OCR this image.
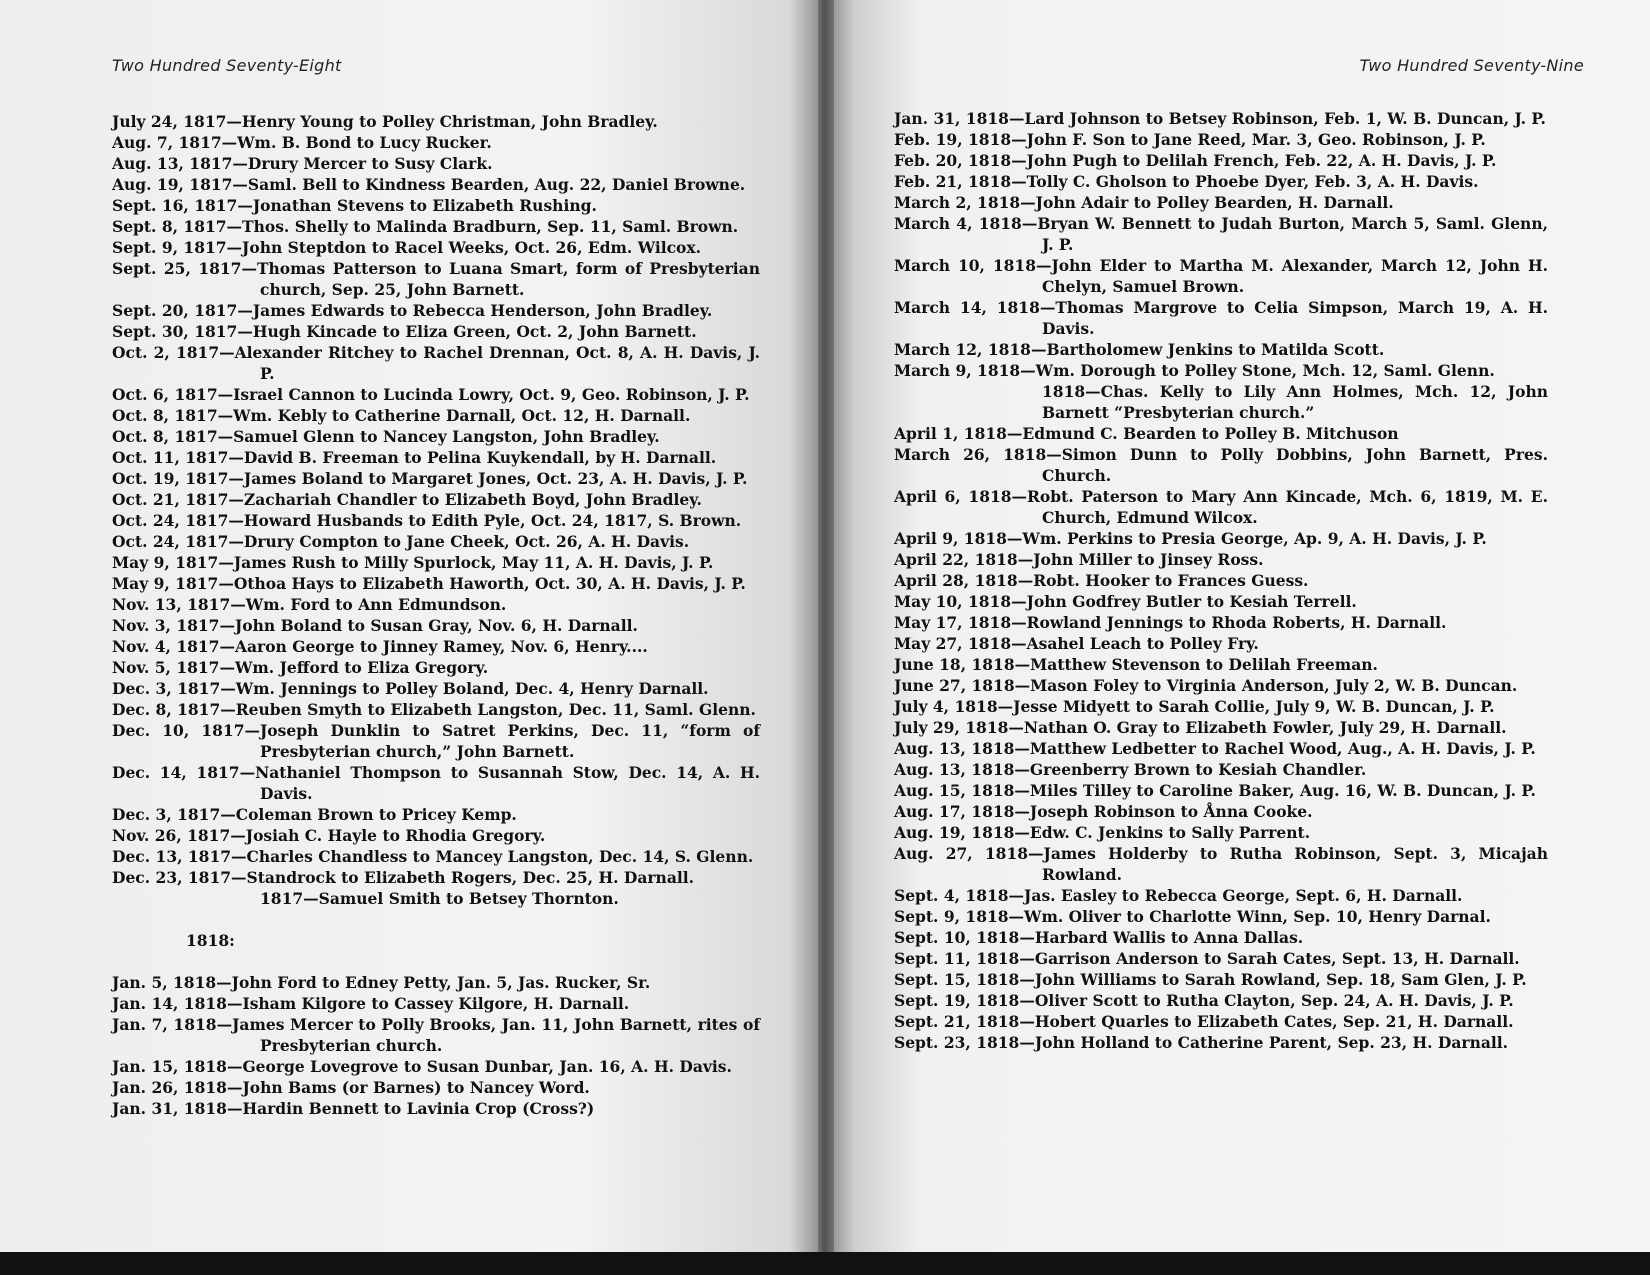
Two Hundred Seventy-Eight
July 24, 1817—Henry Young to Polley Christman, John Bradley.
Aug. 7, 1817—Wm. B. Bond to Lucy Rucker.
Aug. 13, 1817—Drury Mercer to Susy Clark.
Aug. 19, 1817—Saml. Bell to Kindness Bearden, Aug. 22, Daniel Browne.
Sept. 16, 1817—Jonathan Stevens to Elizabeth Rushing.
Sept. 8, 1817—Thos. Shelly to Malinda Bradburn, Sep. 11, Saml. Brown.
Sept. 9, 1817—John Steptdon to Racel Weeks, Oct. 26, Edm. Wilcox.
Sept. 25, 1817—Thomas Patterson to Luana Smart, form of Presbyterian church, Sep. 25, John Barnett.
Sept. 20, 1817—James Edwards to Rebecca Henderson, John Bradley.
Sept. 30, 1817—Hugh Kincade to Eliza Green, Oct. 2, John Barnett.
Oct. 2, 1817—Alexander Ritchey to Rachel Drennan, Oct. 8, A. H. Davis, J. P.
Oct. 6, 1817—Israel Cannon to Lucinda Lowry, Oct. 9, Geo. Robinson, J. P.
Oct. 8, 1817—Wm. Kebly to Catherine Darnall, Oct. 12, H. Darnall.
Oct. 8, 1817—Samuel Glenn to Nancey Langston, John Bradley.
Oct. 11, 1817—David B. Freeman to Pelina Kuykendall, by H. Darnall.
Oct. 19, 1817—James Boland to Margaret Jones, Oct. 23, A. H. Davis, J. P.
Oct. 21, 1817—Zachariah Chandler to Elizabeth Boyd, John Bradley.
Oct. 24, 1817—Howard Husbands to Edith Pyle, Oct. 24, 1817, S. Brown.
Oct. 24, 1817—Drury Compton to Jane Cheek, Oct. 26, A. H. Davis.
May 9, 1817—James Rush to Milly Spurlock, May 11, A. H. Davis, J. P.
May 9, 1817—Othoa Hays to Elizabeth Haworth, Oct. 30, A. H. Davis, J. P.
Nov. 13, 1817—Wm. Ford to Ann Edmundson.
Nov. 3, 1817—John Boland to Susan Gray, Nov. 6, H. Darnall.
Nov. 4, 1817—Aaron George to Jinney Ramey, Nov. 6, Henry....
Nov. 5, 1817—Wm. Jefford to Eliza Gregory.
Dec. 3, 1817—Wm. Jennings to Polley Boland, Dec. 4, Henry Darnall.
Dec. 8, 1817—Reuben Smyth to Elizabeth Langston, Dec. 11, Saml. Glenn.
Dec. 10, 1817—Joseph Dunklin to Satret Perkins, Dec. 11, “form of Presbyterian church,” John Barnett.
Dec. 14, 1817—Nathaniel Thompson to Susannah Stow, Dec. 14, A. H. Davis.
Dec. 3, 1817—Coleman Brown to Pricey Kemp.
Nov. 26, 1817—Josiah C. Hayle to Rhodia Gregory.
Dec. 13, 1817—Charles Chandless to Mancey Langston, Dec. 14, S. Glenn.
Dec. 23, 1817—Standrock to Elizabeth Rogers, Dec. 25, H. Darnall.
1817—Samuel Smith to Betsey Thornton.
1818:
Jan. 5, 1818—John Ford to Edney Petty, Jan. 5, Jas. Rucker, Sr.
Jan. 14, 1818—Isham Kilgore to Cassey Kilgore, H. Darnall.
Jan. 7, 1818—James Mercer to Polly Brooks, Jan. 11, John Barnett, rites of Presbyterian church.
Jan. 15, 1818—George Lovegrove to Susan Dunbar, Jan. 16, A. H. Davis.
Jan. 26, 1818—John Bams (or Barnes) to Nancey Word.
Jan. 31, 1818—Hardin Bennett to Lavinia Crop (Cross?)
Two Hundred Seventy-Nine
Jan. 31, 1818—Lard Johnson to Betsey Robinson, Feb. 1, W. B. Duncan, J. P.
Feb. 19, 1818—John F. Son to Jane Reed, Mar. 3, Geo. Robinson, J. P.
Feb. 20, 1818—John Pugh to Delilah French, Feb. 22, A. H. Davis, J. P.
Feb. 21, 1818—Tolly C. Gholson to Phoebe Dyer, Feb. 3, A. H. Davis.
March 2, 1818—John Adair to Polley Bearden, H. Darnall.
March 4, 1818—Bryan W. Bennett to Judah Burton, March 5, Saml. Glenn, J. P.
March 10, 1818—John Elder to Martha M. Alexander, March 12, John H. Chelyn, Samuel Brown.
March 14, 1818—Thomas Margrove to Celia Simpson, March 19, A. H. Davis.
March 12, 1818—Bartholomew Jenkins to Matilda Scott.
March 9, 1818—Wm. Dorough to Polley Stone, Mch. 12, Saml. Glenn.
1818—Chas. Kelly to Lily Ann Holmes, Mch. 12, John Barnett “Presbyterian church.”
April 1, 1818—Edmund C. Bearden to Polley B. Mitchuson
March 26, 1818—Simon Dunn to Polly Dobbins, John Barnett, Pres. Church.
April 6, 1818—Robt. Paterson to Mary Ann Kincade, Mch. 6, 1819, M. E. Church, Edmund Wilcox.
April 9, 1818—Wm. Perkins to Presia George, Ap. 9, A. H. Davis, J. P.
April 22, 1818—John Miller to Jinsey Ross.
April 28, 1818—Robt. Hooker to Frances Guess.
May 10, 1818—John Godfrey Butler to Kesiah Terrell.
May 17, 1818—Rowland Jennings to Rhoda Roberts, H. Darnall.
May 27, 1818—Asahel Leach to Polley Fry.
June 18, 1818—Matthew Stevenson to Delilah Freeman.
June 27, 1818—Mason Foley to Virginia Anderson, July 2, W. B. Duncan.
July 4, 1818—Jesse Midyett to Sarah Collie, July 9, W. B. Duncan, J. P.
July 29, 1818—Nathan O. Gray to Elizabeth Fowler, July 29, H. Darnall.
Aug. 13, 1818—Matthew Ledbetter to Rachel Wood, Aug., A. H. Davis, J. P.
Aug. 13, 1818—Greenberry Brown to Kesiah Chandler.
Aug. 15, 1818—Miles Tilley to Caroline Baker, Aug. 16, W. B. Duncan, J. P.
Aug. 17, 1818—Joseph Robinson to Ånna Cooke.
Aug. 19, 1818—Edw. C. Jenkins to Sally Parrent.
Aug. 27, 1818—James Holderby to Rutha Robinson, Sept. 3, Micajah Rowland.
Sept. 4, 1818—Jas. Easley to Rebecca George, Sept. 6, H. Darnall.
Sept. 9, 1818—Wm. Oliver to Charlotte Winn, Sep. 10, Henry Darnal.
Sept. 10, 1818—Harbard Wallis to Anna Dallas.
Sept. 11, 1818—Garrison Anderson to Sarah Cates, Sept. 13, H. Darnall.
Sept. 15, 1818—John Williams to Sarah Rowland, Sep. 18, Sam Glen, J. P.
Sept. 19, 1818—Oliver Scott to Rutha Clayton, Sep. 24, A. H. Davis, J. P.
Sept. 21, 1818—Hobert Quarles to Elizabeth Cates, Sep. 21, H. Darnall.
Sept. 23, 1818—John Holland to Catherine Parent, Sep. 23, H. Darnall.
